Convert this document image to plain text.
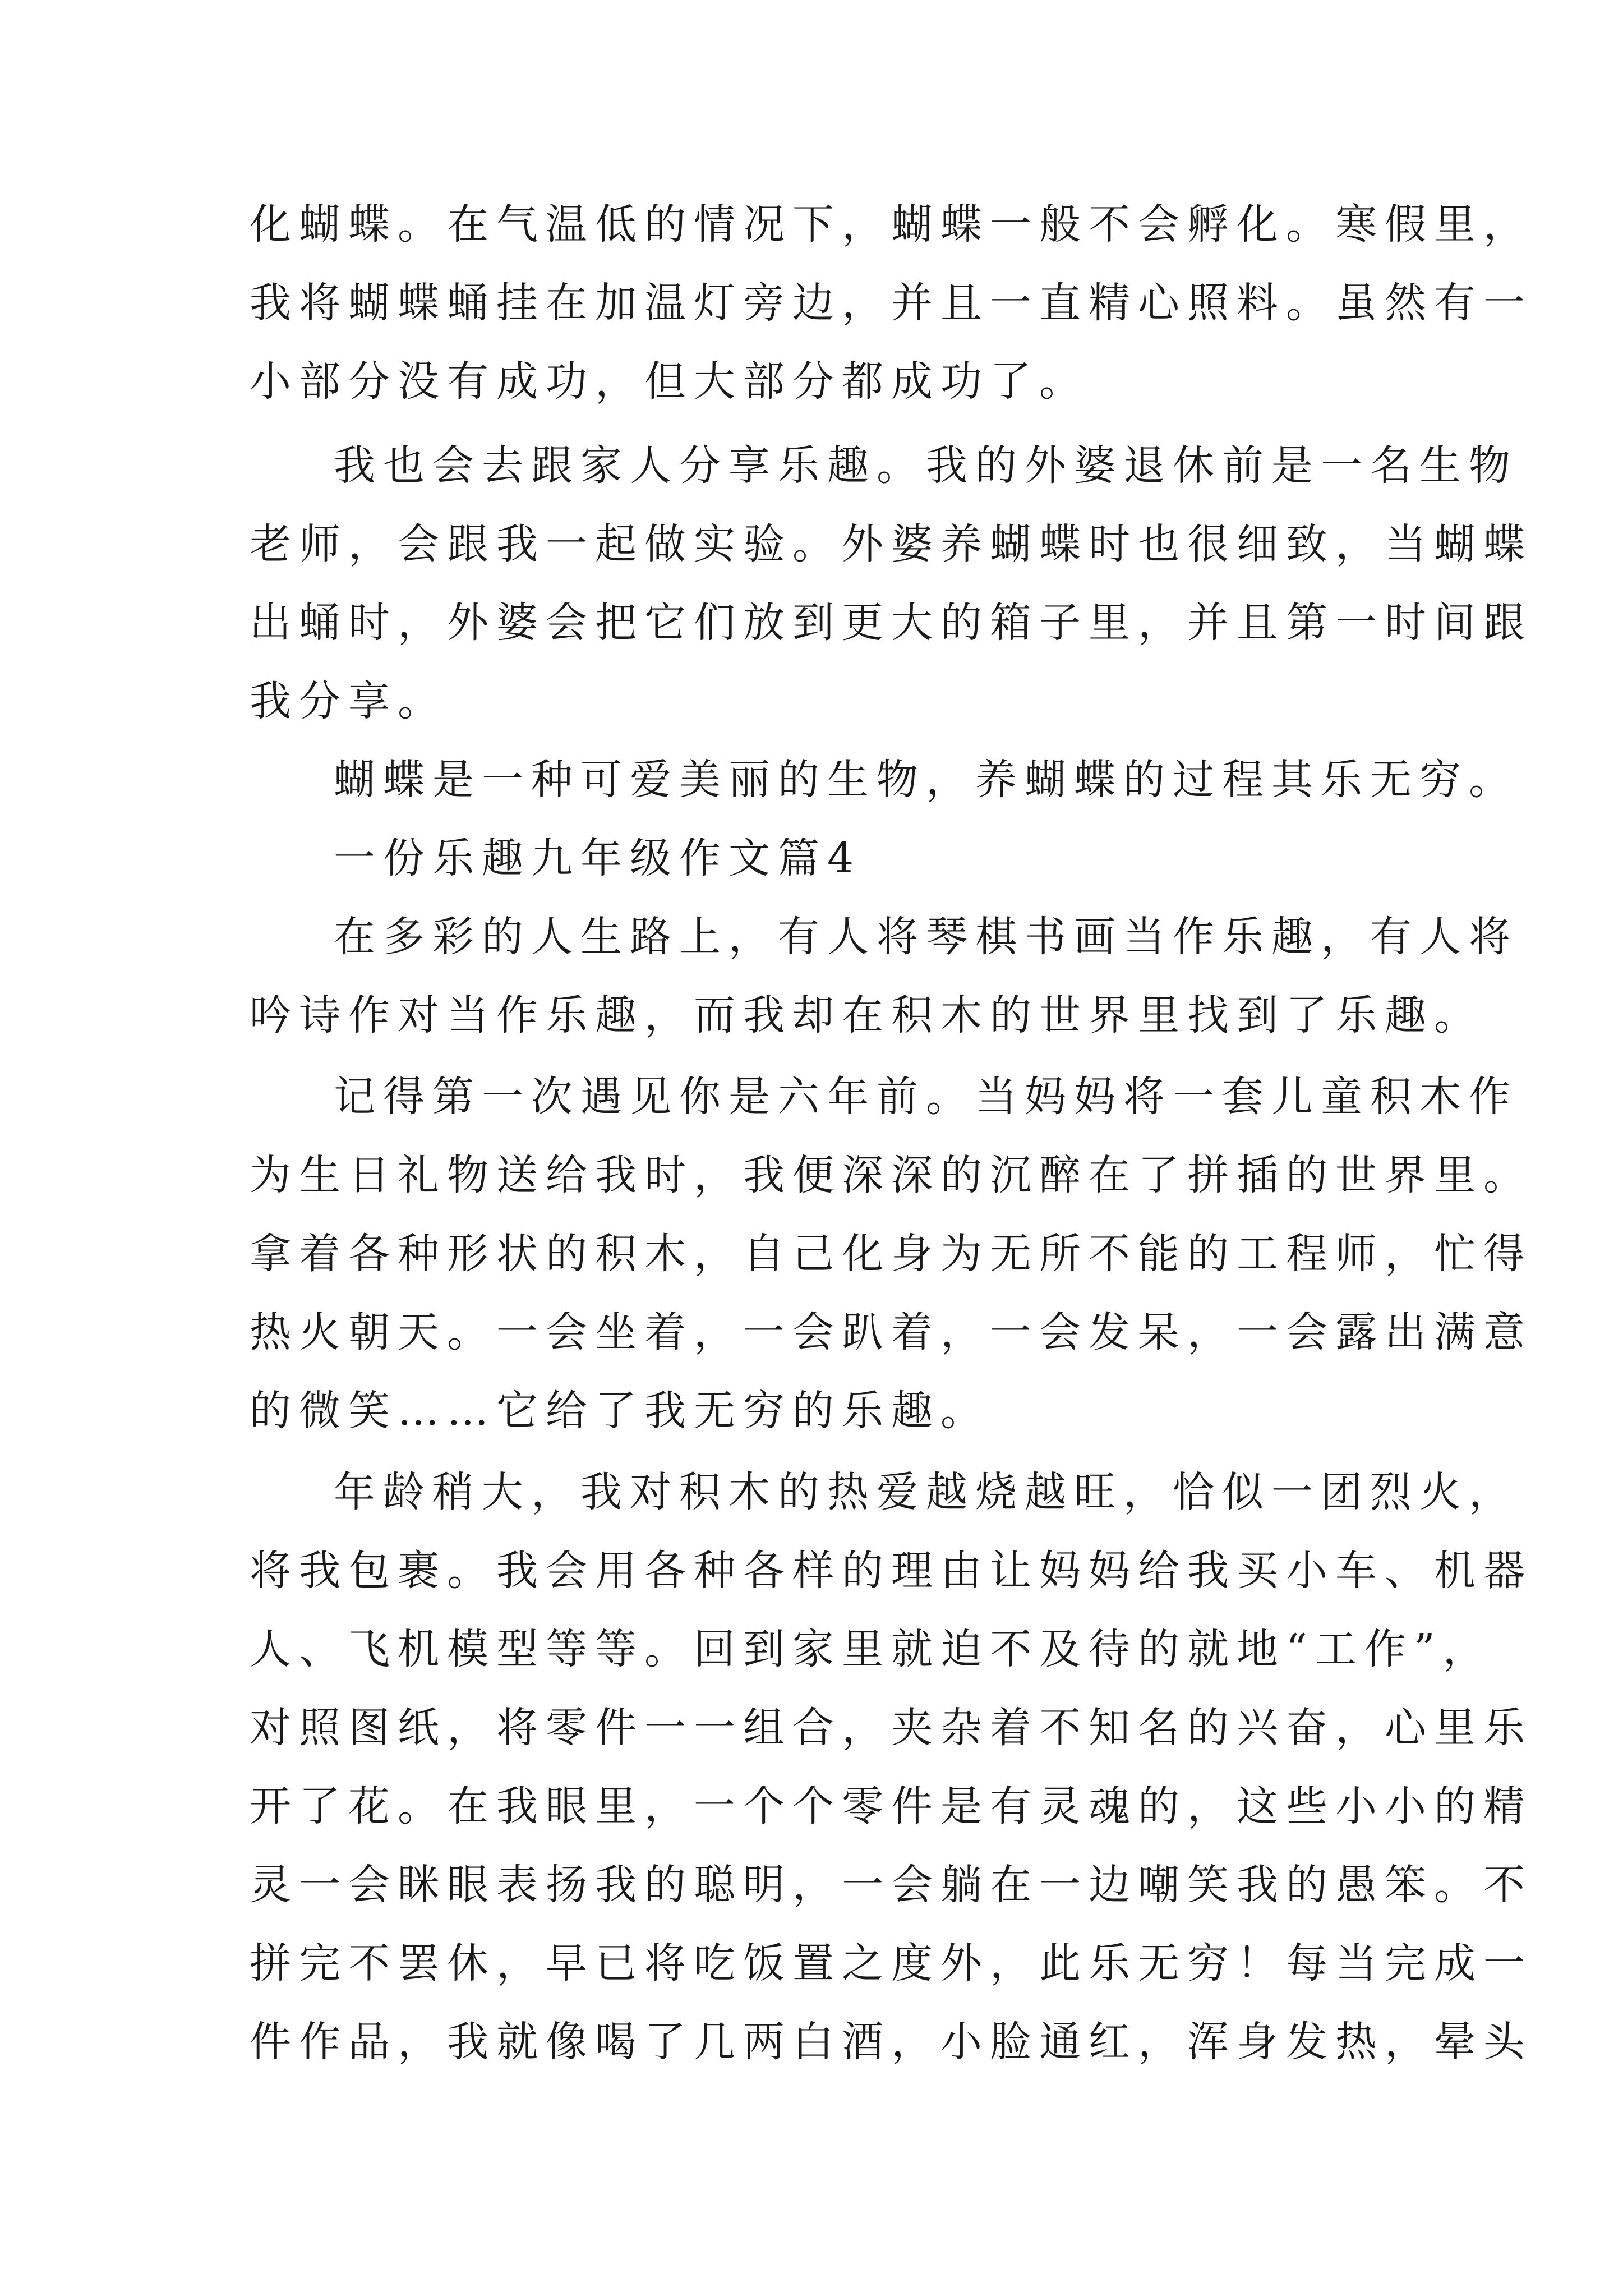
化蝴蝶。在气温低的情况下，蝴蝶一般不会孵化。寒假里，
我将蝴蝶蛹挂在加温灯旁边，并且一直精心照料。虽然有一
小部分没有成功，但大部分都成功了。
我也会去跟家人分享乐趣。我的外婆退休前是一名生物
老师，会跟我一起做实验。外婆养蝴蝶时也很细致，当蝴蝶
出蛹时，外婆会把它们放到更大的箱子里，并且第一时间跟
我分享。
蝴蝶是一种可爱美丽的生物，养蝴蝶的过程其乐无穷。
一份乐趣九年级作文篇4
在多彩的人生路上，有人将琴棋书画当作乐趣，有人将
吟诗作对当作乐趣，而我却在积木的世界里找到了乐趣。
记得第一次遇见你是六年前。当妈妈将一套儿童积木作
为生日礼物送给我时，我便深深的沉醉在了拼插的世界里。
拿着各种形状的积木，自己化身为无所不能的工程师，忙得
热火朝天。一会坐着，一会趴着，一会发呆，一会露出满意
的微笑……它给了我无穷的乐趣。
年龄稍大，我对积木的热爱越烧越旺，恰似一团烈火，
将我包裹。我会用各种各样的理由让妈妈给我买小车、机器
人、飞机模型等等。回到家里就迫不及待的就地“工作”，
对照图纸，将零件一一组合，夹杂着不知名的兴奋，心里乐
开了花。在我眼里，一个个零件是有灵魂的，这些小小的精
灵一会眯眼表扬我的聪明，一会躺在一边嘲笑我的愚笨。不
拼完不罢休，早已将吃饭置之度外，此乐无穷！每当完成一
件作品，我就像喝了几两白酒，小脸通红，浑身发热，晕头
